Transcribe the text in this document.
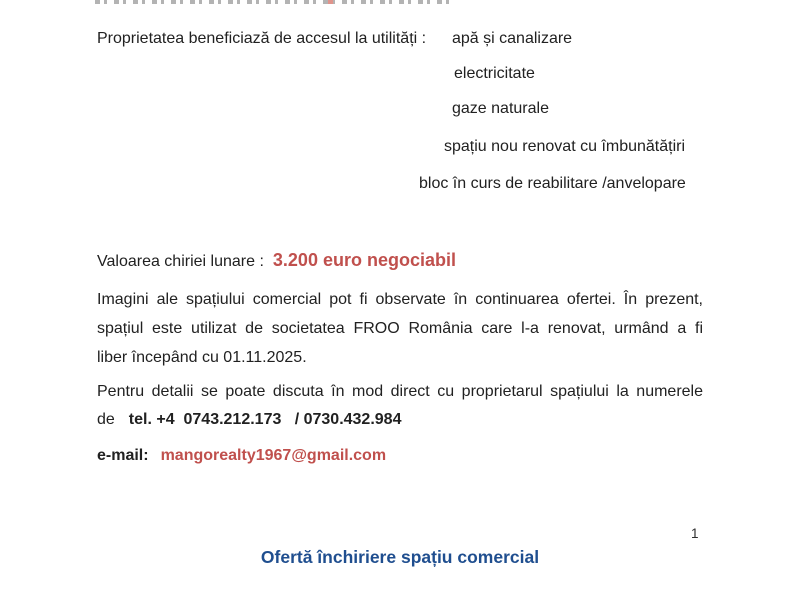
Proprietatea beneficiază de accesul la utilități : apă și canalizare
electricitate
gaze naturale
spațiu nou renovat cu îmbunătățiri
bloc în curs de reabilitare /anvelopare
Valoarea chiriei lunare : 3.200 euro negociabil
Imagini ale spațiului comercial pot fi observate în continuarea ofertei. În prezent,
spațiul este utilizat de societatea FROO România care l-a renovat, urmând a fi
liber începând cu 01.11.2025.
Pentru detalii se poate discuta în mod direct cu proprietarul spațiului la numerele
de tel. +4  0743.212.173   / 0730.432.984
e-mail: mangorealty1967@gmail.com
1
Ofertă închiriere spațiu comercial
